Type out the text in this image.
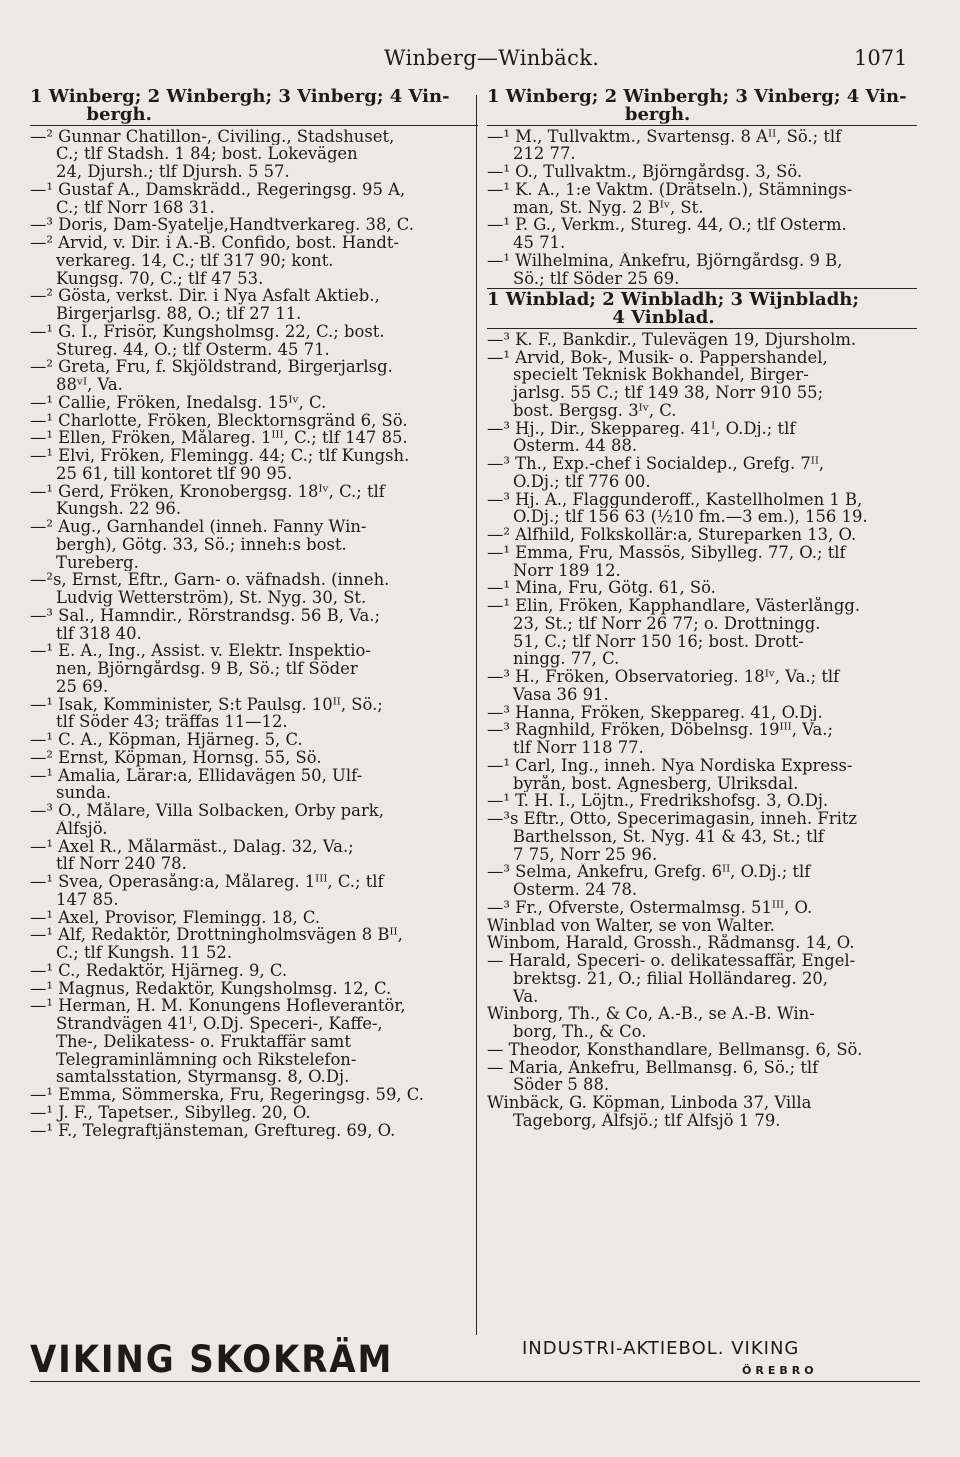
Winberg—Winbäck.	1071
1 Winberg; 2 Winbergh; 3 Vinberg; 4 Vin-
bergh.
—² Gunnar Chatillon-, Civiling., Stadshuset,
C.; tlf Stadsh. 1 84; bost. Lokevägen
24, Djursh.; tlf Djursh. 5 57.
—¹ Gustaf A., Damskrädd., Regeringsg. 95 A,
C.; tlf Norr 168 31.
—³ Doris, Dam-Syatelje,Handtverkareg. 38, C.
—² Arvid, v. Dir. i A.-B. Confido, bost. Handt-
verkareg. 14, C.; tlf 317 90; kont.
Kungsg. 70, C.; tlf 47 53.
—² Gösta, verkst. Dir. i Nya Asfalt Aktieb.,
Birgerjarlsg. 88, Ö.; tlf 27 11.
—¹ G. I., Frisör, Kungsholmsg. 22, C.; bost.
Stureg. 44, Ö.; tlf Österm. 45 71.
—² Greta, Fru, f. Skjöldstrand, Birgerjarlsg.
88ᵛᴵ, Va.
—¹ Callie, Fröken, Inedalsg. 15ᴵᵛ, C.
—¹ Charlotte, Fröken, Blecktornsgränd 6, Sö.
—¹ Ellen, Fröken, Målareg. 1ᴵᴵᴵ, C.; tlf 147 85.
—¹ Elvi, Fröken, Flemingg. 44; C.; tlf Kungsh.
25 61, till kontoret tlf 90 95.
—¹ Gerd, Fröken, Kronobergsg. 18ᴵᵛ, C.; tlf
Kungsh. 22 96.
—² Aug., Garnhandel (inneh. Fanny Win-
bergh), Götg. 33, Sö.; inneh:s bost.
Tureberg.
—²s, Ernst, Eftr., Garn- o. väfnadsh. (inneh.
Ludvig Wetterström), St. Nyg. 30, St.
—³ Sal., Hamndir., Rörstrandsg. 56 B, Va.;
tlf 318 40.
—¹ E. A., Ing., Assist. v. Elektr. Inspektio-
nen, Björngårdsg. 9 B, Sö.; tlf Söder
25 69.
—¹ Isak, Komminister, S:t Paulsg. 10ᴵᴵ, Sö.;
tlf Söder 43; träffas 11—12.
—¹ C. A., Köpman, Hjärneg. 5, C.
—² Ernst, Köpman, Hornsg. 55, Sö.
—¹ Amalia, Lärar:a, Ellidavägen 50, Ulf-
sunda.
—³ O., Målare, Villa Solbacken, Örby park,
Älfsjö.
—¹ Axel R., Målarmäst., Dalag. 32, Va.;
tlf Norr 240 78.
—¹ Svea, Operasång:a, Målareg. 1ᴵᴵᴵ, C.; tlf
147 85.
—¹ Axel, Provisor, Flemingg. 18, C.
—¹ Alf, Redaktör, Drottningholmsvägen 8 Bᴵᴵ,
C.; tlf Kungsh. 11 52.
—¹ C., Redaktör, Hjärneg. 9, C.
—¹ Magnus, Redaktör, Kungsholmsg. 12, C.
—¹ Herman, H. M. Konungens Hofleverantör,
Strandvägen 41ᴵ, Ö.Dj. Speceri-, Kaffe-,
The-, Delikatess- o. Fruktaffär samt
Telegraminlämning och Rikstelefon-
samtalsstation, Styrmansg. 8, Ö.Dj.
—¹ Emma, Sömmerska, Fru, Regeringsg. 59, C.
—¹ J. F., Tapetser., Sibylleg. 20, Ö.
—¹ F., Telegraftjänsteman, Greftureg. 69, Ö.
1 Winberg; 2 Winbergh; 3 Vinberg; 4 Vin-
bergh.
—¹ M., Tullvaktm., Svartensg. 8 Aᴵᴵ, Sö.; tlf
212 77.
—¹ O., Tullvaktm., Björngårdsg. 3, Sö.
—¹ K. A., 1:e Vaktm. (Drätseln.), Stämnings-
man, St. Nyg. 2 Bᴵᵛ, St.
—¹ P. G., Verkm., Stureg. 44, Ö.; tlf Österm.
45 71.
—¹ Wilhelmina, Änkefru, Björngårdsg. 9 B,
Sö.; tlf Söder 25 69.
1 Winblad; 2 Winbladh; 3 Wijnbladh;
4 Vinblad.
—³ K. F., Bankdir., Tulevägen 19, Djursholm.
—¹ Arvid, Bok-, Musik- o. Pappershandel,
specielt Teknisk Bokhandel, Birger-
jarlsg. 55 C.; tlf 149 38, Norr 910 55;
bost. Bergsg. 3ᴵᵛ, C.
—³ Hj., Dir., Skeppareg. 41ᴵ, Ö.Dj.; tlf
Österm. 44 88.
—³ Th., Exp.-chef i Socialdep., Grefg. 7ᴵᴵ,
Ö.Dj.; tlf 776 00.
—³ Hj. A., Flaggunderoff., Kastellholmen 1 B,
Ö.Dj.; tlf 156 63 (½10 fm.—3 em.), 156 19.
—² Alfhild, Folkskollär:a, Stureparken 13, Ö.
—¹ Emma, Fru, Massös, Sibylleg. 77, Ö.; tlf
Norr 189 12.
—¹ Mina, Fru, Götg. 61, Sö.
—¹ Elin, Fröken, Kapphandlare, Västerlångg.
23, St.; tlf Norr 26 77; o. Drottningg.
51, C.; tlf Norr 150 16; bost. Drott-
ningg. 77, C.
—³ H., Fröken, Observatorieg. 18ᴵᵛ, Va.; tlf
Vasa 36 91.
—³ Hanna, Fröken, Skeppareg. 41, Ö.Dj.
—³ Ragnhild, Fröken, Döbelnsg. 19ᴵᴵᴵ, Va.;
tlf Norr 118 77.
—¹ Carl, Ing., inneh. Nya Nordiska Express-
byrån, bost. Agnesberg, Ulriksdal.
—¹ T. H. I., Löjtn., Fredrikshofsg. 3, Ö.Dj.
—³s Eftr., Otto, Specerimagasin, inneh. Fritz
Barthelsson, St. Nyg. 41 & 43, St.; tlf
7 75, Norr 25 96.
—³ Selma, Änkefru, Grefg. 6ᴵᴵ, Ö.Dj.; tlf
Österm. 24 78.
—³ Fr., Öfverste, Östermalmsg. 51ᴵᴵᴵ, Ö.
Winblad von Walter, se von Walter.
Winbom, Harald, Grossh., Rådmansg. 14, Ö.
— Harald, Speceri- o. delikatessaffär, Engel-
brektsg. 21, Ö.; filial Holländareg. 20,
Va.
Winborg, Th., & Co, A.-B., se A.-B. Win-
borg, Th., & Co.
— Theodor, Konsthandlare, Bellmansg. 6, Sö.
— Maria, Änkefru, Bellmansg. 6, Sö.; tlf
Söder 5 88.
Winbäck, G. Köpman, Linboda 37, Villa
Tageborg, Älfsjö.; tlf Älfsjö 1 79.
VIKING SKOKRÄM	INDUSTRI-AKTIEBOL. VIKING
ÖREBRO
